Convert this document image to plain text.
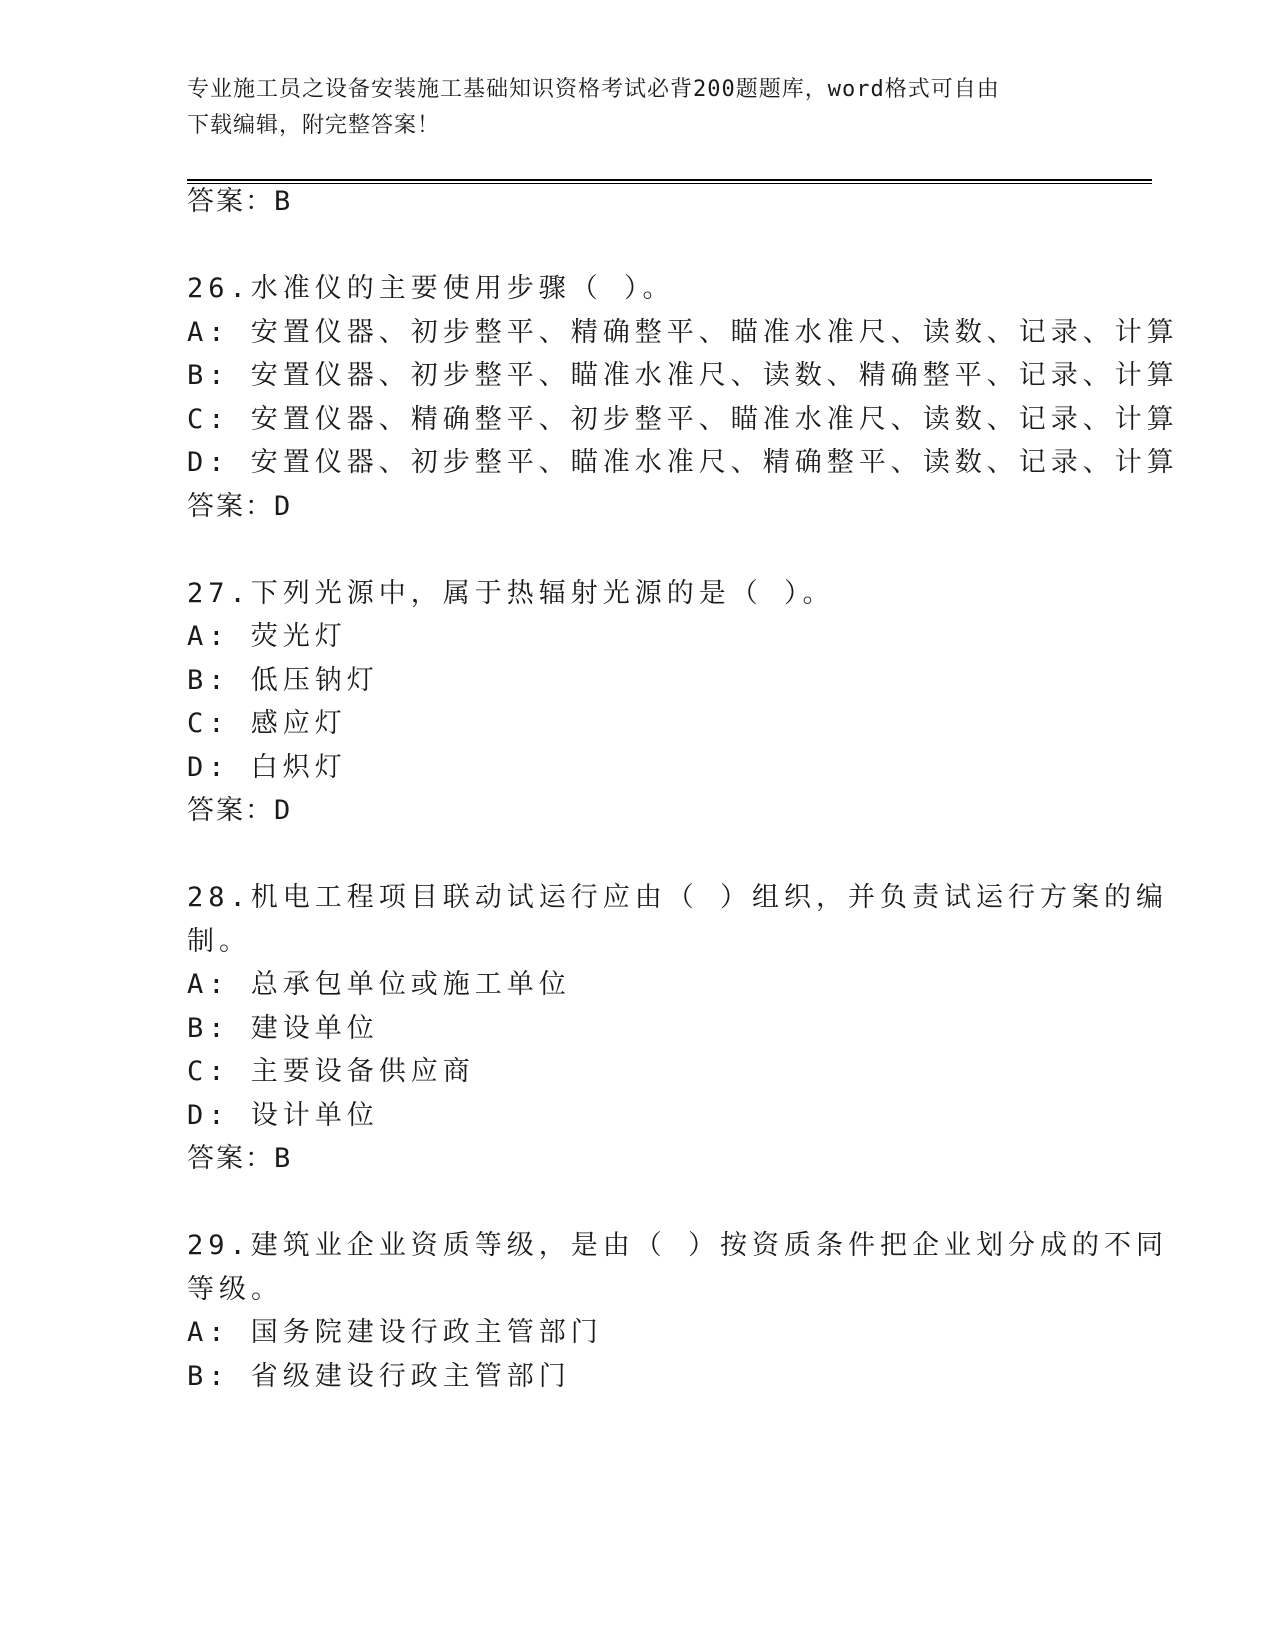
专业施工员之设备安装施工基础知识资格考试必背200题题库，word格式可自由
下载编辑，附完整答案！
答案：B
26.水准仪的主要使用步骤（ ）。
A: 安置仪器、初步整平、精确整平、瞄准水准尺、读数、记录、计算
B: 安置仪器、初步整平、瞄准水准尺、读数、精确整平、记录、计算
C: 安置仪器、精确整平、初步整平、瞄准水准尺、读数、记录、计算
D: 安置仪器、初步整平、瞄准水准尺、精确整平、读数、记录、计算
答案：D
27.下列光源中，属于热辐射光源的是（ ）。
A: 荧光灯
B: 低压钠灯
C: 感应灯
D: 白炽灯
答案：D
28.机电工程项目联动试运行应由（ ）组织，并负责试运行方案的编
制。
A: 总承包单位或施工单位
B: 建设单位
C: 主要设备供应商
D: 设计单位
答案：B
29.建筑业企业资质等级，是由（ ）按资质条件把企业划分成的不同
等级。
A: 国务院建设行政主管部门
B: 省级建设行政主管部门
